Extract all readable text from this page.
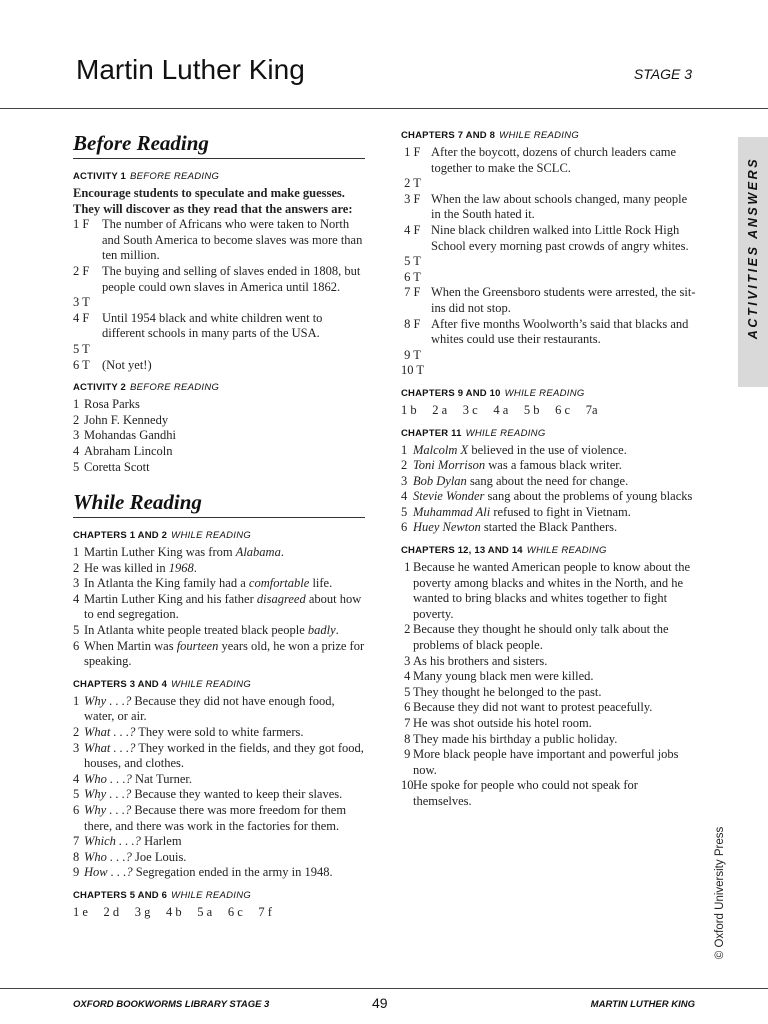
Martin Luther King	STAGE 3
ACTIVITIES ANSWERS
© Oxford University Press
Before Reading
ACTIVITY 1 BEFORE READING

Encourage students to speculate and make guesses. They will discover as they read that the answers are:

1 F	The number of Africans who were taken to North and South America to become slaves was more than ten million.
2 F	The buying and selling of slaves ended in 1808, but people could own slaves in America until 1862.
3 T
4 F	Until 1954 black and white children went to different schools in many parts of the USA.
5 T
6 T (Not yet!)
ACTIVITY 2 BEFORE READING
1 Rosa Parks
2 John F. Kennedy
3 Mohandas Gandhi
4 Abraham Lincoln
5 Coretta Scott
While Reading
CHAPTERS 1 AND 2 WHILE READING
1 Martin Luther King was from Alabama.
2 He was killed in 1968.
3 In Atlanta the King family had a comfortable life.
4 Martin Luther King and his father disagreed about how to end segregation.
5 In Atlanta white people treated black people badly.
6 When Martin was fourteen years old, he won a prize for speaking.
CHAPTERS 3 AND 4 WHILE READING
1 Why . . .? Because they did not have enough food, water, or air.
2 What . . .? They were sold to white farmers.
3 What . . .? They worked in the fields, and they got food, houses, and clothes.
4 Who . . .? Nat Turner.
5 Why . . .? Because they wanted to keep their slaves.
6 Why . . .? Because there was more freedom for them there, and there was work in the factories for them.
7 Which . . .? Harlem
8 Who . . .? Joe Louis.
9 How . . .? Segregation ended in the army in 1948.
CHAPTERS 5 AND 6 WHILE READING

1 e     2 d     3 g     4 b     5 a     6 c     7 f

CHAPTERS 7 AND 8 WHILE READING
1 F After the boycott, dozens of church leaders came together to make the SCLC.
2 T
3 F When the law about schools changed, many people in the South hated it.
4 F Nine black children walked into Little Rock High School every morning past crowds of angry whites.
5 T
6 T
7 F When the Greensboro students were arrested, the sit-ins did not stop.
8 F After five months Woolworth’s said that blacks and whites could use their restaurants.
9 T
10 T
CHAPTERS 9 AND 10 WHILE READING

1 b     2 a     3 c     4 a     5 b     6 c     7a

CHAPTER 11 WHILE READING
1 Malcolm X believed in the use of violence.
2 Toni Morrison was a famous black writer.
3 Bob Dylan sang about the need for change.
4 Stevie Wonder sang about the problems of young blacks
5 Muhammad Ali refused to fight in Vietnam.
6 Huey Newton started the Black Panthers.
CHAPTERS 12, 13 AND 14 WHILE READING
1 Because he wanted American people to know about the poverty among blacks and whites in the North, and he wanted to bring blacks and whites together to fight poverty.
2 Because they thought he should only talk about the problems of black people.
3 As his brothers and sisters.
4 Many young black men were killed.
5 They thought he belonged to the past.
6 Because they did not want to protest peacefully.
7 He was shot outside his hotel room.
8 They made his birthday a public holiday.
9 More black people have important and powerful jobs now.
10 He spoke for people who could not speak for themselves.
OXFORD BOOKWORMS LIBRARY STAGE 3	49	MARTIN LUTHER KING
